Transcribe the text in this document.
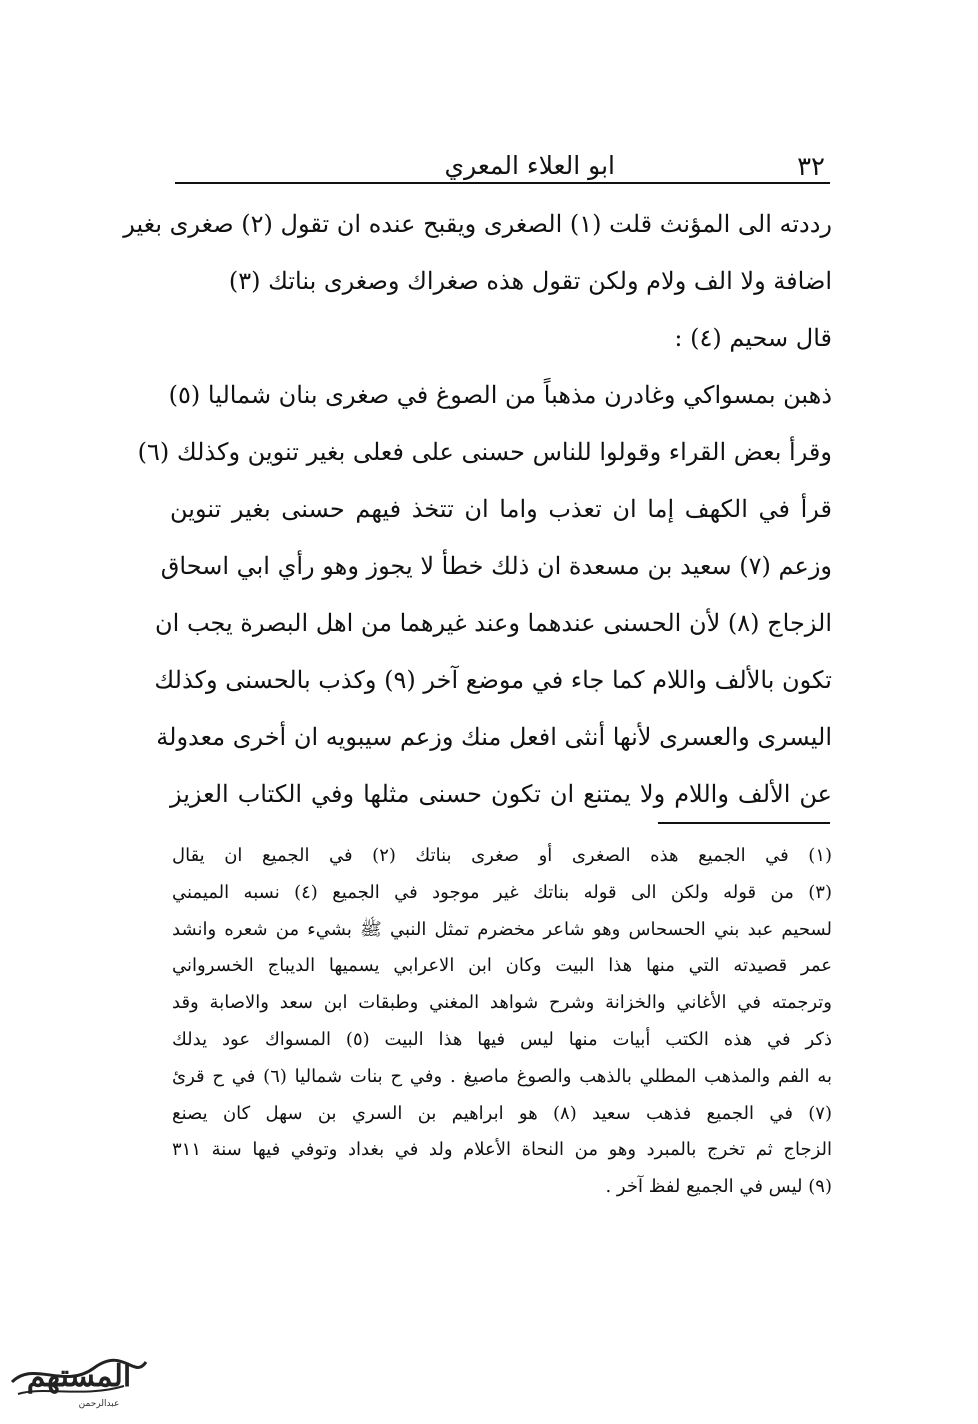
٣٢
ابو العلاء المعري
رددته الى المؤنث قلت (١) الصغرى ويقبح عنده ان تقول (٢) صغرى بغير
اضافة ولا الف ولام ولكن تقول هذه صغراك وصغرى بناتك (٣)
قال سحيم (٤) :
ذهبن بمسواكي وغادرن مذهباً من الصوغ في صغرى بنان شماليا (٥)
وقرأ بعض القراء وقولوا للناس حسنى على فعلى بغير تنوين وكذلك (٦)
قرأ في الكهف إما ان تعذب واما ان تتخذ فيهم حسنى بغير تنوين
وزعم (٧) سعيد بن مسعدة ان ذلك خطأ لا يجوز وهو رأي ابي اسحاق
الزجاج (٨) لأن الحسنى عندهما وعند غيرهما من اهل البصرة يجب ان
تكون بالألف واللام كما جاء في موضع آخر (٩) وكذب بالحسنى وكذلك
اليسرى والعسرى لأنها أنثى افعل منك وزعم سيبويه ان أخرى معدولة
عن الألف واللام ولا يمتنع ان تكون حسنى مثلها وفي الكتاب العزيز
(١) في الجميع هذه الصغرى أو صغرى بناتك (٢) في الجميع ان يقال
(٣) من قوله ولكن الى قوله بناتك غير موجود في الجميع (٤) نسبه الميمني
لسحيم عبد بني الحسحاس وهو شاعر مخضرم تمثل النبي ﷺ بشيء من شعره وانشد
عمر قصيدته التي منها هذا البيت وكان ابن الاعرابي يسميها الديباج الخسرواني
وترجمته في الأغاني والخزانة وشرح شواهد المغني وطبقات ابن سعد والاصابة وقد
ذكر في هذه الكتب أبيات منها ليس فيها هذا البيت (٥) المسواك عود يدلك
به الفم والمذهب المطلي بالذهب والصوغ ماصيغ . وفي ح بنات شماليا (٦) في ح قرئ
(٧) في الجميع فذهب سعيد (٨) هو ابراهيم بن السري بن سهل كان يصنع
الزجاج ثم تخرج بالمبرد وهو من النحاة الأعلام ولد في بغداد وتوفي فيها سنة ٣١١
(٩) ليس في الجميع لفظ آخر .
المستهم
عبدالرحمن
